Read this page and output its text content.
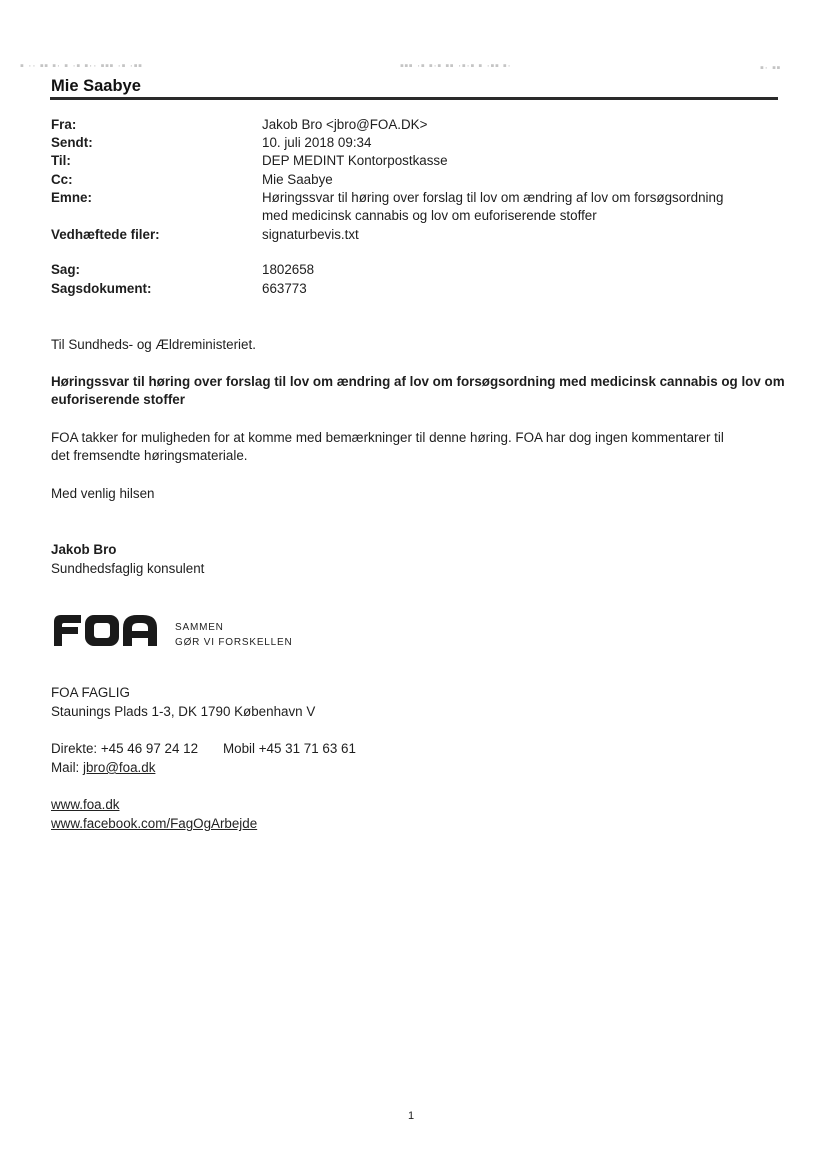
▪ ·· ▪▪ ▪· ▪ ·▪ ▪·· ▪▪▪ ·▪ ·▪▪	▪▪▪ ·▪ ▪·▪ ▪▪ ·▪·▪ ▪ ·▪▪ ▪·	▪· ▪▪
Mie Saabye
Fra:	Jakob Bro <jbro@FOA.DK>
Sendt:	10. juli 2018 09:34
Til:	DEP MEDINT Kontorpostkasse
Cc:	Mie Saabye
Emne:	Høringssvar til høring over forslag til lov om ændring af lov om forsøgsordning
med medicinsk cannabis og lov om euforiserende stoffer
Vedhæftede filer:	signaturbevis.txt
Sag:	1802658
Sagsdokument:	663773
Til Sundheds- og Ældreministeriet.
Høringssvar til høring over forslag til lov om ændring af lov om forsøgsordning med medicinsk cannabis og lov om
euforiserende stoffer
FOA takker for muligheden for at komme med bemærkninger til denne høring. FOA har dog ingen kommentarer til
det fremsendte høringsmateriale.
Med venlig hilsen
Jakob Bro
Sundhedsfaglig konsulent
SAMMEN
GØR VI FORSKELLEN
FOA FAGLIG
Staunings Plads 1-3, DK 1790 København V
Direkte: +45 46 97 24 12 Mobil +45 31 71 63 61
Mail: jbro@foa.dk
www.foa.dk
www.facebook.com/FagOgArbejde
1
